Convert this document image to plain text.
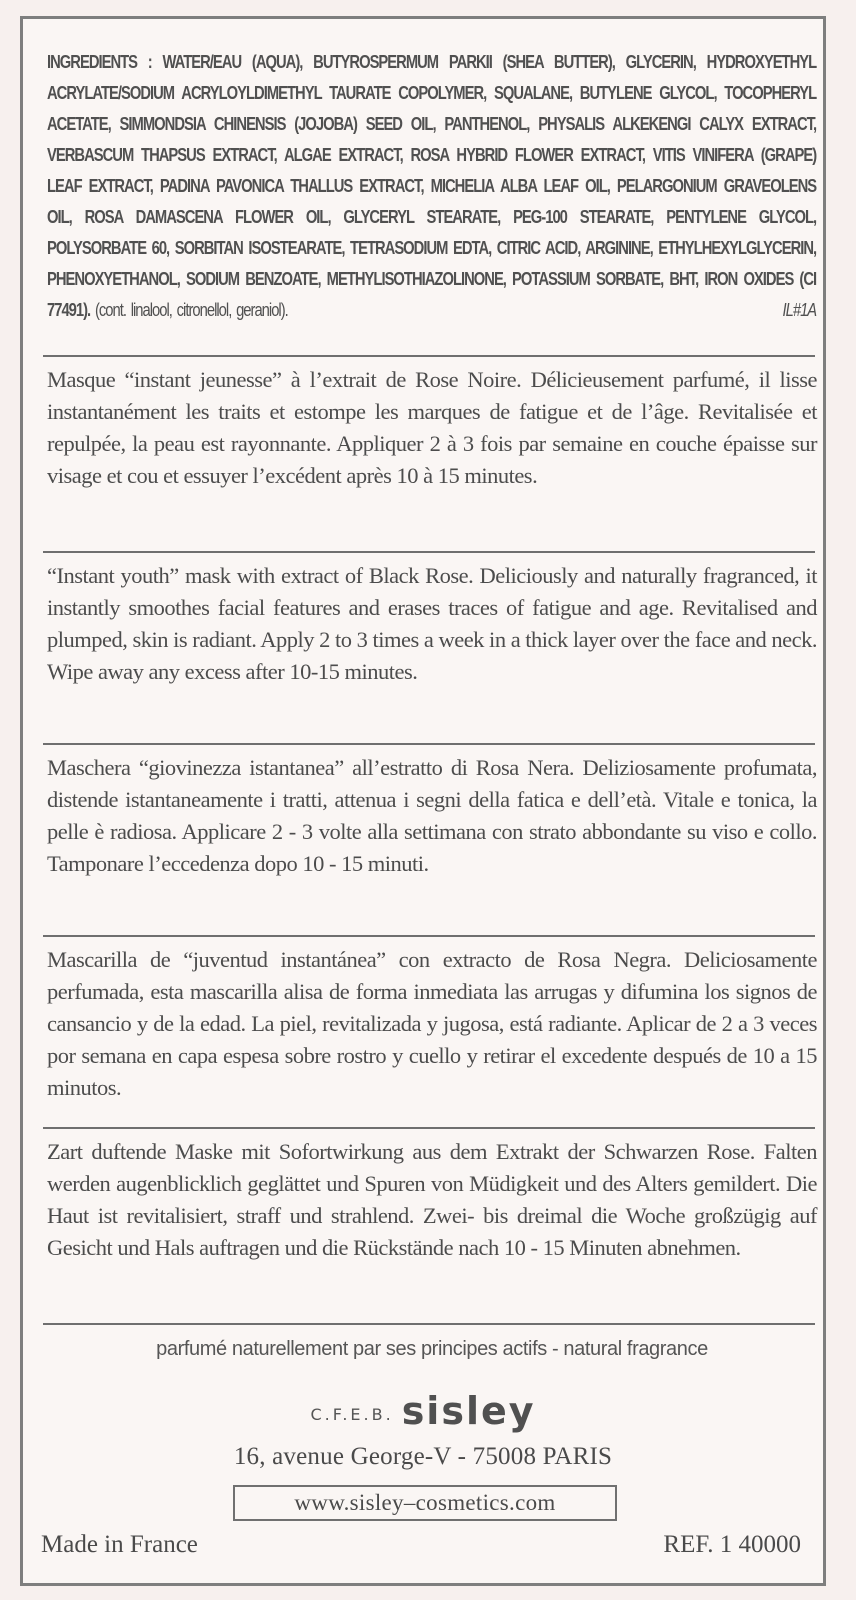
INGREDIENTS : WATER/EAU (AQUA), BUTYROSPERMUM PARKII (SHEA BUTTER), GLYCERIN, HYDROXYETHYL ACRYLATE/SODIUM ACRYLOYLDIMETHYL TAURATE COPOLYMER, SQUALANE, BUTYLENE GLYCOL, TOCOPHERYL ACETATE, SIMMONDSIA CHINENSIS (JOJOBA) SEED OIL, PANTHENOL, PHYSALIS ALKEKENGI CALYX EXTRACT, VERBASCUM THAPSUS EXTRACT, ALGAE EXTRACT, ROSA HYBRID FLOWER EXTRACT, VITIS VINIFERA (GRAPE) LEAF EXTRACT, PADINA PAVONICA THALLUS EXTRACT, MICHELIA ALBA LEAF OIL, PELARGONIUM GRAVEOLENS OIL, ROSA DAMASCENA FLOWER OIL, GLYCERYL STEARATE, PEG-100 STEARATE, PENTYLENE GLYCOL, POLYSORBATE 60, SORBITAN ISOSTEARATE, TETRASODIUM EDTA, CITRIC ACID, ARGININE, ETHYLHEXYLGLYCERIN, PHENOXYETHANOL, SODIUM BENZOATE, METHYLISOTHIAZOLINONE, POTASSIUM SORBATE, BHT, IRON OXIDES (CI 77491). (cont. linalool, citronellol, geraniol).	IL#1A

Masque “instant jeunesse” à l’extrait de Rose Noire. Délicieusement parfumé, il lisse instantanément les traits et estompe les marques de fatigue et de l’âge. Revitalisée et repulpée, la peau est rayonnante. Appliquer 2 à 3 fois par semaine en couche épaisse sur visage et cou et essuyer l’excédent après 10 à 15 minutes.

“Instant youth” mask with extract of Black Rose. Deliciously and naturally fragranced, it instantly smoothes facial features and erases traces of fatigue and age. Revitalised and plumped, skin is radiant. Apply 2 to 3 times a week in a thick layer over the face and neck. Wipe away any excess after 10-15 minutes.

Maschera “giovinezza istantanea” all’estratto di Rosa Nera. Deliziosamente profumata, distende istantaneamente i tratti, attenua i segni della fatica e dell’età. Vitale e tonica, la pelle è radiosa. Applicare 2 - 3 volte alla settimana con strato abbondante su viso e collo. Tamponare l’eccedenza dopo 10 - 15 minuti.

Mascarilla de “juventud instantánea” con extracto de Rosa Negra. Deliciosamente perfumada, esta mascarilla alisa de forma inmediata las arrugas y difumina los signos de cansancio y de la edad. La piel, revitalizada y jugosa, está radiante. Aplicar de 2 a 3 veces por semana en capa espesa sobre rostro y cuello y retirar el excedente después de 10 a 15 minutos.

Zart duftende Maske mit Sofortwirkung aus dem Extrakt der Schwarzen Rose. Falten werden augenblicklich geglättet und Spuren von Müdigkeit und des Alters gemildert. Die Haut ist revitalisiert, straff und strahlend. Zwei- bis dreimal die Woche großzügig auf Gesicht und Hals auftragen und die Rückstände nach 10 - 15 Minuten abnehmen.

parfumé naturellement par ses principes actifs - natural fragrance

C.F.E.B. sisley
16, avenue George-V - 75008 PARIS
www.sisley–cosmetics.com
Made in France	REF. 1 40000
